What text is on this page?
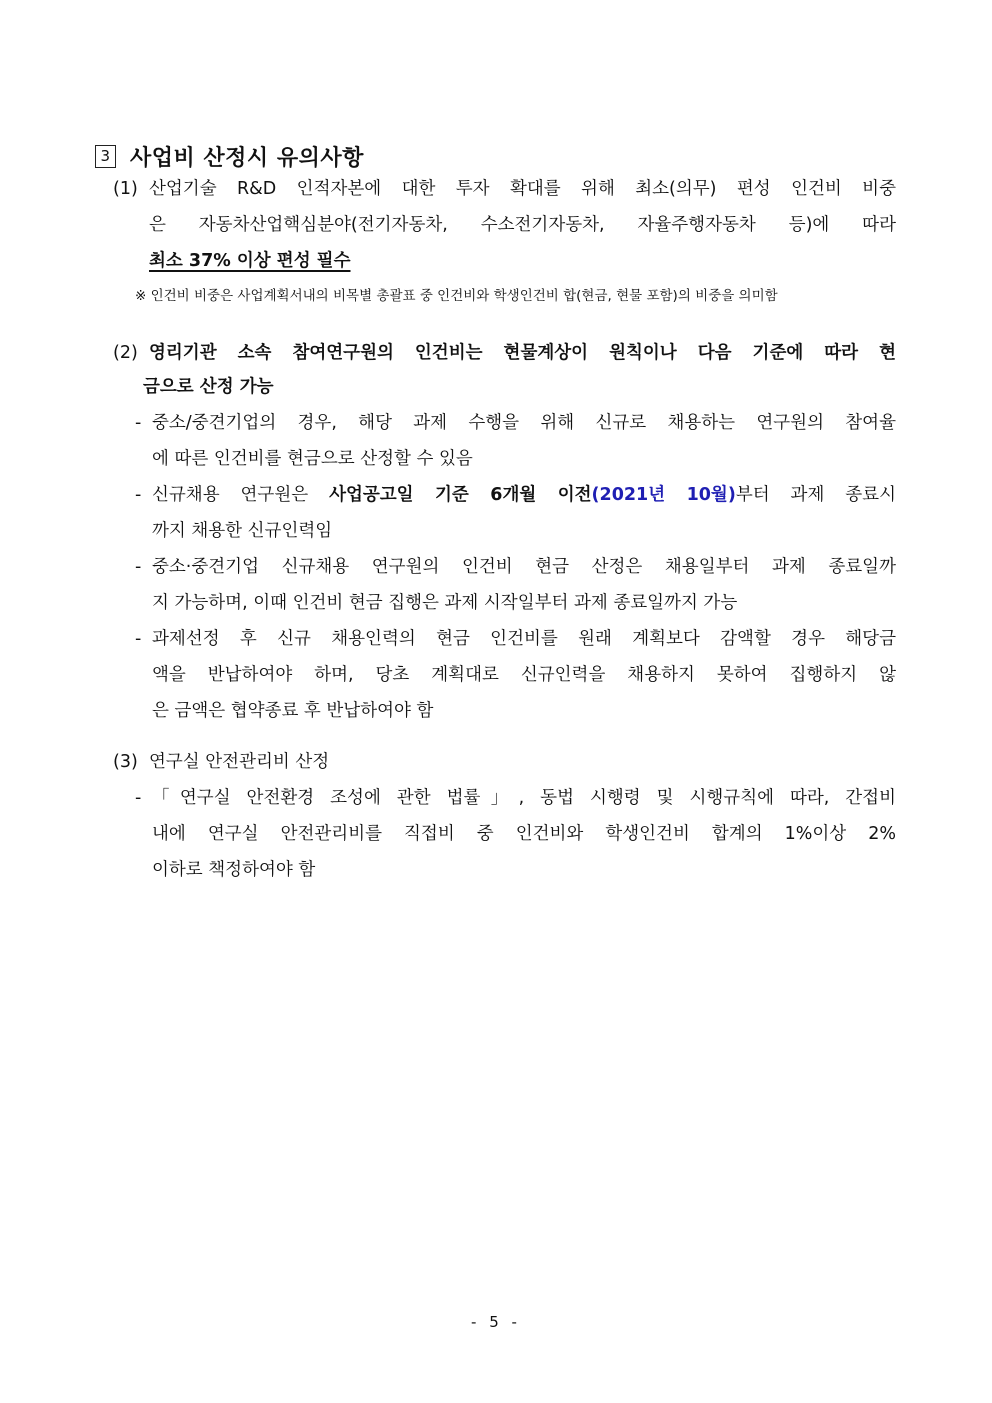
3 사업비 산정시 유의사항
(1) 산업기술 R&D 인적자본에 대한 투자 확대를 위해 최소(의무) 편성 인건비 비중
은 자동차산업핵심분야(전기자동차, 수소전기자동차, 자율주행자동차 등)에 따라
최소 37% 이상 편성 필수
※ 인건비 비중은 사업계획서내의 비목별 총괄표 중 인건비와 학생인건비 합(현금, 현물 포함)의 비중을 의미함
(2) 영리기관 소속 참여연구원의 인건비는 현물계상이 원칙이나 다음 기준에 따라 현
금으로 산정 가능
- 중소/중견기업의 경우, 해당 과제 수행을 위해 신규로 채용하는 연구원의 참여율
에 따른 인건비를 현금으로 산정할 수 있음
- 신규채용 연구원은 사업공고일 기준 6개월 이전(2021년 10월)부터 과제 종료시
까지 채용한 신규인력임
- 중소·중견기업 신규채용 연구원의 인건비 현금 산정은 채용일부터 과제 종료일까
지 가능하며, 이때 인건비 현금 집행은 과제 시작일부터 과제 종료일까지 가능
- 과제선정 후 신규 채용인력의 현금 인건비를 원래 계획보다 감액할 경우 해당금
액을 반납하여야 하며, 당초 계획대로 신규인력을 채용하지 못하여 집행하지 않
은 금액은 협약종료 후 반납하여야 함
(3) 연구실 안전관리비 산정
- 「연구실 안전환경 조성에 관한 법률」, 동법 시행령 및 시행규칙에 따라, 간접비
내에 연구실 안전관리비를 직접비 중 인건비와 학생인건비 합계의 1%이상 2%
이하로 책정하여야 함
- 5 -
